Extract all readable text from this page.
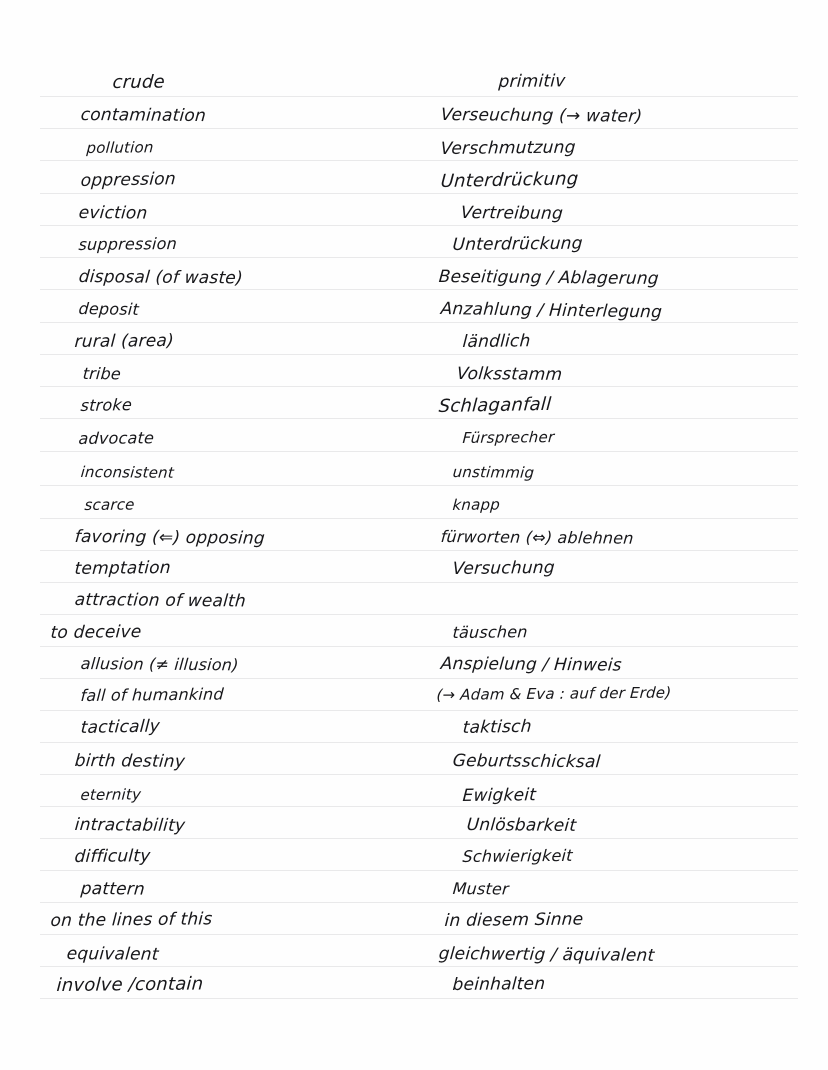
crude
contamination
pollution
oppression
eviction
suppression
disposal (of waste)
deposit
rural (area)
tribe
stroke
advocate
inconsistent
scarce
favoring (⇐) opposing
temptation
attraction of wealth
to deceive
allusion (≠ illusion)
fall of humankind
tactically
birth destiny
eternity
intractability
difficulty
pattern
on the lines of this
equivalent
involve /contain
primitiv
Verseuchung (→ water)
Verschmutzung
Unterdrückung
Vertreibung
Unterdrückung
Beseitigung / Ablagerung
Anzahlung / Hinterlegung
ländlich
Volksstamm
Schlaganfall
Fürsprecher
unstimmig
knapp
fürworten (⇔) ablehnen
Versuchung
täuschen
Anspielung / Hinweis
(→ Adam & Eva : auf der Erde)
taktisch
Geburtsschicksal
Ewigkeit
Unlösbarkeit
Schwierigkeit
Muster
in diesem Sinne
gleichwertig / äquivalent
beinhalten
